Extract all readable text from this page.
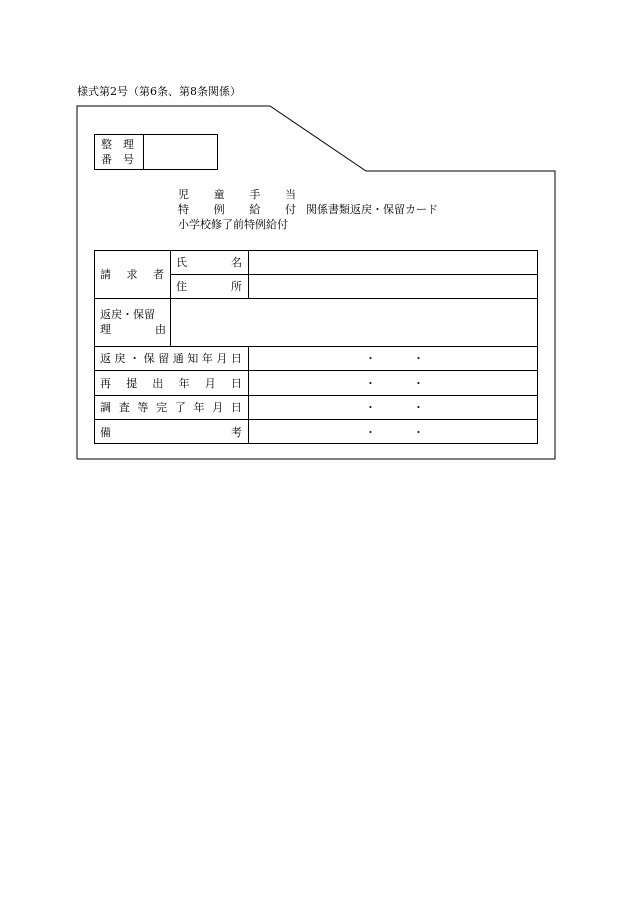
様式第2号（第6条、第8条関係）
整　理
番　号
児 童 手 当
特 例 給 付 関係書類返戻・保留カード
小学校修了前特例給付
請 求 者
氏	名
住	所
返戻・保留
理	由
返 戻 ・ 保 留 通 知 年 月 日	・	・
再 提 出 年 月 日	・	・
調 査 等 完 了 年 月 日	・	・
備	考	・	・
